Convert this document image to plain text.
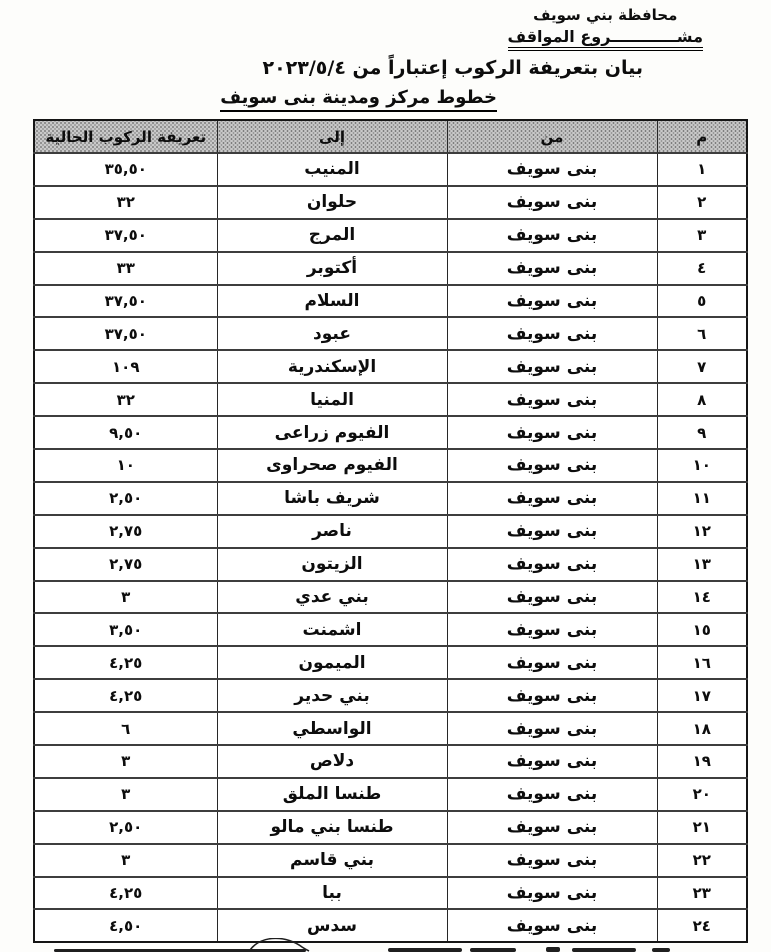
محافظة بني سويف
مشــــــــــــروع المواقف
بيان بتعريفة الركوب إعتباراً من ٢٠٢٣/٥/٤
خطوط مركز ومدينة بنى سويف
م	من	إلى	تعريفة الركوب الحالية
١	بنى سويف	المنيب	٣٥,٥٠
٢	بنى سويف	حلوان	٣٢
٣	بنى سويف	المرج	٣٧,٥٠
٤	بنى سويف	أكتوبر	٣٣
٥	بنى سويف	السلام	٣٧,٥٠
٦	بنى سويف	عبود	٣٧,٥٠
٧	بنى سويف	الإسكندرية	١٠٩
٨	بنى سويف	المنيا	٣٢
٩	بنى سويف	الفيوم زراعى	٩,٥٠
١٠	بنى سويف	الفيوم صحراوى	١٠
١١	بنى سويف	شريف باشا	٢,٥٠
١٢	بنى سويف	ناصر	٢,٧٥
١٣	بنى سويف	الزيتون	٢,٧٥
١٤	بنى سويف	بني عدي	٣
١٥	بنى سويف	اشمنت	٣,٥٠
١٦	بنى سويف	الميمون	٤,٢٥
١٧	بنى سويف	بني حدير	٤,٢٥
١٨	بنى سويف	الواسطي	٦
١٩	بنى سويف	دلاص	٣
٢٠	بنى سويف	طنسا الملق	٣
٢١	بنى سويف	طنسا بني مالو	٢,٥٠
٢٢	بنى سويف	بني قاسم	٣
٢٣	بنى سويف	ببا	٤,٢٥
٢٤	بنى سويف	سدس	٤,٥٠
